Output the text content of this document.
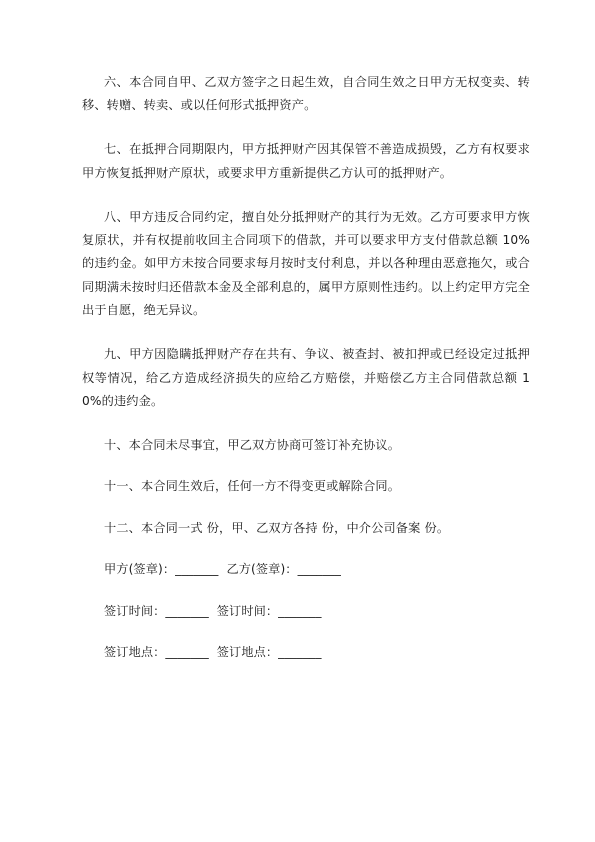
六、本合同自甲、乙双方签字之日起生效，自合同生效之日甲方无权变卖、转移、转赠、转卖、或以任何形式抵押资产。

七、在抵押合同期限内，甲方抵押财产因其保管不善造成损毁，乙方有权要求甲方恢复抵押财产原状，或要求甲方重新提供乙方认可的抵押财产。

八、甲方违反合同约定，擅自处分抵押财产的其行为无效。乙方可要求甲方恢复原状，并有权提前收回主合同项下的借款，并可以要求甲方支付借款总额 10%的违约金。如甲方未按合同要求每月按时支付利息，并以各种理由恶意拖欠，或合同期满未按时归还借款本金及全部利息的，属甲方原则性违约。以上约定甲方完全出于自愿，绝无异议。

九、甲方因隐瞒抵押财产存在共有、争议、被查封、被扣押或已经设定过抵押权等情况，给乙方造成经济损失的应给乙方赔偿，并赔偿乙方主合同借款总额 10%的违约金。

十、本合同未尽事宜，甲乙双方协商可签订补充协议。

十一、本合同生效后，任何一方不得变更或解除合同。

十二、本合同一式 份，甲、乙双方各持 份，中介公司备案 份。

甲方(签章)：_______  乙方(签章)：_______
签订时间：_______  签订时间：_______
签订地点：_______  签订地点：_______
